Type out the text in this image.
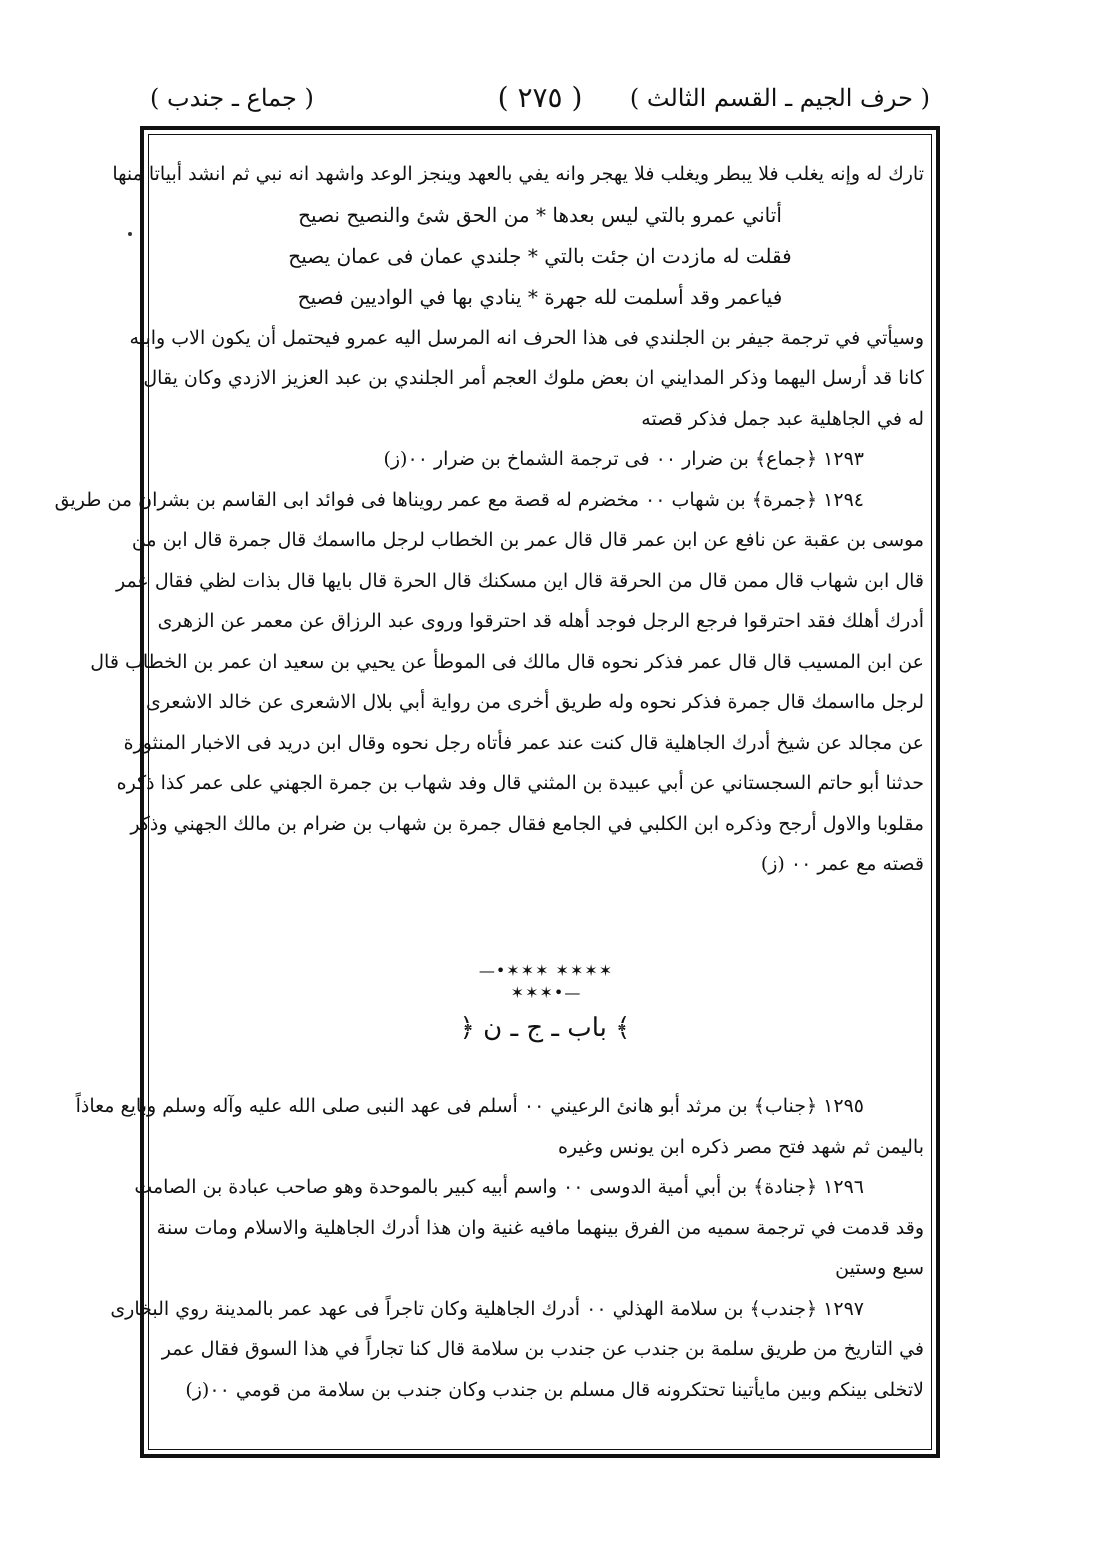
( حرف الجيم ـ القسم الثالث )
( ٢٧٥ )
( جماع ـ جندب )
تارك له وإنه يغلب فلا يبطر ويغلب فلا يهجر وانه يفي بالعهد وينجز الوعد واشهد انه نبي ثم انشد أبياتا منها
أتاني عمرو بالتي ليس بعدها * من الحق شئ والنصيح نصيح
فقلت له مازدت ان جئت بالتي * جلندي عمان فى عمان يصيح
فياعمر وقد أسلمت لله جهرة * ينادي بها في الواديين فصيح
وسيأتي في ترجمة جيفر بن الجلندي فى هذا الحرف انه المرسل اليه عمرو فيحتمل أن يكون الاب وابنه
كانا قد أرسل اليهما وذكر المدايني ان بعض ملوك العجم أمر الجلندي بن عبد العزيز الازدي وكان يقال
له في الجاهلية عبد جمل فذكر قصته
١٢٩٣ ﴿جماع﴾ بن ضرار ٠٠ فى ترجمة الشماخ بن ضرار ٠٠(ز)
١٢٩٤ ﴿جمرة﴾ بن شهاب ٠٠ مخضرم له قصة مع عمر رويناها فى فوائد ابى القاسم بن بشران من طريق
موسى بن عقبة عن نافع عن ابن عمر قال قال عمر بن الخطاب لرجل مااسمك قال جمرة قال ابن من
قال ابن شهاب قال ممن قال من الحرقة قال اين مسكنك قال الحرة قال بايها قال بذات لظي فقال عمر
أدرك أهلك فقد احترقوا فرجع الرجل فوجد أهله قد احترقوا وروى عبد الرزاق عن معمر عن الزهرى
عن ابن المسيب قال قال عمر فذكر نحوه قال مالك فى الموطأ عن يحيي بن سعيد ان عمر بن الخطاب قال
لرجل مااسمك قال جمرة فذكر نحوه وله طريق أخرى من رواية أبي بلال الاشعرى عن خالد الاشعرى
عن مجالد عن شيخ أدرك الجاهلية قال كنت عند عمر فأتاه رجل نحوه وقال ابن دريد فى الاخبار المنثورة
حدثنا أبو حاتم السجستاني عن أبي عبيدة بن المثني قال وفد شهاب بن جمرة الجهني على عمر كذا ذكره
مقلوبا والاول أرجح وذكره ابن الكلبي في الجامع فقال جمرة بن شهاب بن ضرام بن مالك الجهني وذكر
قصته مع عمر ٠٠ (ز)
—•✶✶✶ ✶✶✶✶ ✶✶✶•—
﴾ باب ـ ج ـ ن ﴿
١٢٩٥ ﴿جناب﴾ بن مرثد أبو هانئ الرعيني ٠٠ أسلم فى عهد النبى صلى الله عليه وآله وسلم وبايع معاذاً
باليمن ثم شهد فتح مصر ذكره ابن يونس وغيره
١٢٩٦ ﴿جنادة﴾ بن أبي أمية الدوسى ٠٠ واسم أبيه كبير بالموحدة وهو صاحب عبادة بن الصامت
وقد قدمت في ترجمة سميه من الفرق بينهما مافيه غنية وان هذا أدرك الجاهلية والاسلام ومات سنة
سبع وستين
١٢٩٧ ﴿جندب﴾ بن سلامة الهذلي ٠٠ أدرك الجاهلية وكان تاجراً فى عهد عمر بالمدينة روي البخارى
في التاريخ من طريق سلمة بن جندب عن جندب بن سلامة قال كنا تجاراً في هذا السوق فقال عمر
لاتخلى بينكم وبين مايأتينا تحتكرونه قال مسلم بن جندب وكان جندب بن سلامة من قومي ٠٠(ز)
